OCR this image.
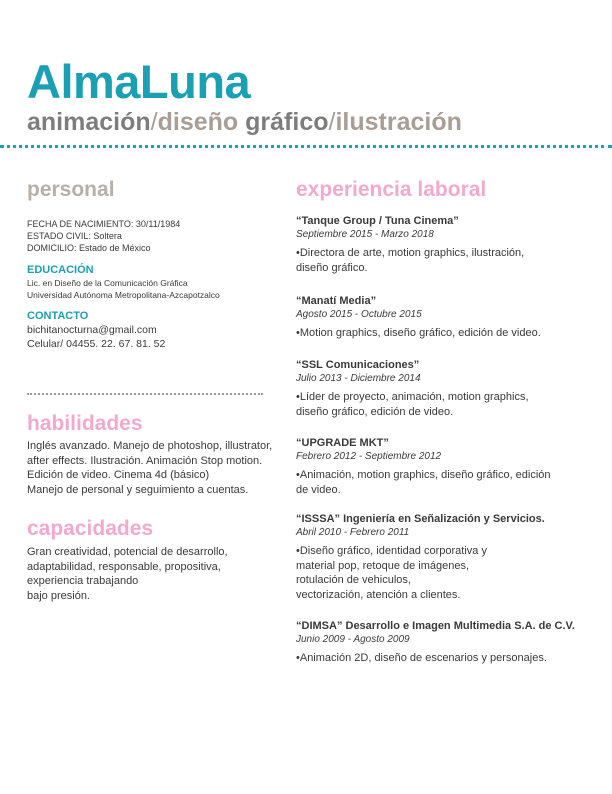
AlmaLuna
animación/diseño gráfico/ilustración
personal
FECHA DE NACIMIENTO: 30/11/1984
ESTADO CIVIL: Soltera
DOMICILIO: Estado de México
EDUCACIÓN
Lic. en Diseño de la Comunicación Gráfica
Universidad Autónoma Metropolitana-Azcapotzalco
CONTACTO
bichitanocturna@gmail.com
Celular/ 04455. 22. 67. 81. 52
habilidades
Inglés avanzado. Manejo de photoshop, illustrator,
after effects. Ilustración. Animación Stop motion.
Edición de video. Cinema 4d (básico)
Manejo de personal y seguimiento a cuentas.
capacidades
Gran creatividad, potencial de desarrollo,
adaptabilidad, responsable, propositiva,
experiencia trabajando
bajo presión.
experiencia laboral
“Tanque Group / Tuna Cinema”
Septiembre 2015 - Marzo 2018
•Directora de arte, motion graphics, ilustración,
diseño gráfico.
“Manatí Media”
Agosto 2015 - Octubre 2015
•Motion graphics, diseño gráfico, edición de video.
“SSL Comunicaciones”
Julio 2013 - Diciembre 2014
•Líder de proyecto, animación, motion graphics,
diseño gráfico, edición de video.
“UPGRADE MKT”
Febrero 2012 - Septiembre 2012
•Animación, motion graphics, diseño gráfico, edición
de video.
“ISSSA” Ingeniería en Señalización y Servicios.
Abril 2010 - Febrero 2011
•Diseño gráfico, identidad corporativa y
material pop, retoque de imágenes,
rotulación de vehiculos,
vectorización, atención a clientes.
“DIMSA” Desarrollo e Imagen Multimedia S.A. de C.V.
Junio 2009 - Agosto 2009
•Animación 2D, diseño de escenarios y personajes.
